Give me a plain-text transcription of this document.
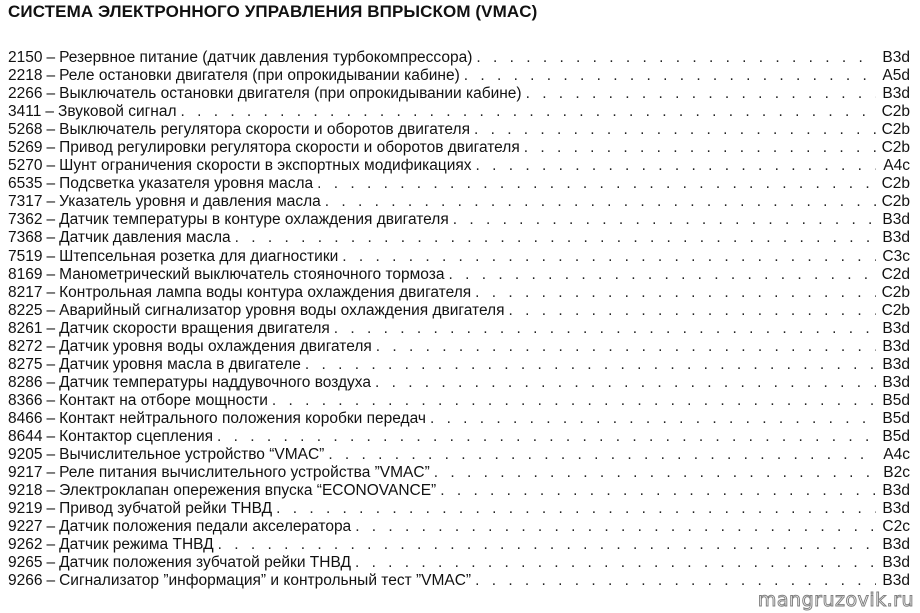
СИСТЕМА ЭЛЕКТРОННОГО УПРАВЛЕНИЯ ВПРЫСКОМ (VMAC)
2150 – Резервное питание (датчик давления турбокомпрессора) . . .	B3d
2218 – Реле остановки двигателя (при опрокидывании кабине) . . .	A5d
2266 – Выключатель остановки двигателя (при опрокидывании кабине) . . .	B3d
3411 – Звуковой сигнал . . .	C2b
5268 – Выключатель регулятора скорости и оборотов двигателя . . .	C2b
5269 – Привод регулировки регулятора скорости и оборотов двигателя . . .	C2b
5270 – Шунт ограничения скорости в экспортных модификациях . . .	A4c
6535 – Подсветка указателя уровня масла . . .	C2b
7317 – Указатель уровня и давления масла . . .	C2b
7362 – Датчик температуры в контуре охлаждения двигателя . . .	B3d
7368 – Датчик давления масла . . .	B3d
7519 – Штепсельная розетка для диагностики . . .	C3c
8169 – Манометрический выключатель стояночного тормоза . . .	C2d
8217 – Контрольная лампа воды контура охлаждения двигателя . . .	C2b
8225 – Аварийный сигнализатор уровня воды охлаждения двигателя . . .	C2b
8261 – Датчик скорости вращения двигателя . . .	B3d
8272 – Датчик уровня воды охлаждения двигателя . . .	B3d
8275 – Датчик уровня масла в двигателе . . .	B3d
8286 – Датчик температуры наддувочного воздуха . . .	B3d
8366 – Контакт на отборе мощности . . .	B5d
8466 – Контакт нейтрального положения коробки передач . . .	B5d
8644 – Контактор сцепления . . .	B5d
9205 – Вычислительное устройство “VMAC” . . .	A4c
9217 – Реле питания вычислительного устройства ”VMAC” . . .	B2c
9218 – Электроклапан опережения впуска “ECONOVANCE” . . .	B3d
9219 – Привод зубчатой рейки ТНВД . . .	B3d
9227 – Датчик положения педали акселератора . . .	C2c
9262 – Датчик режима ТНВД . . .	B3d
9265 – Датчик положения зубчатой рейки ТНВД . . .	B3d
9266 – Сигнализатор ”информация” и контрольный тест ”VMAC” . . .	B3d
mangruzovik.ru
